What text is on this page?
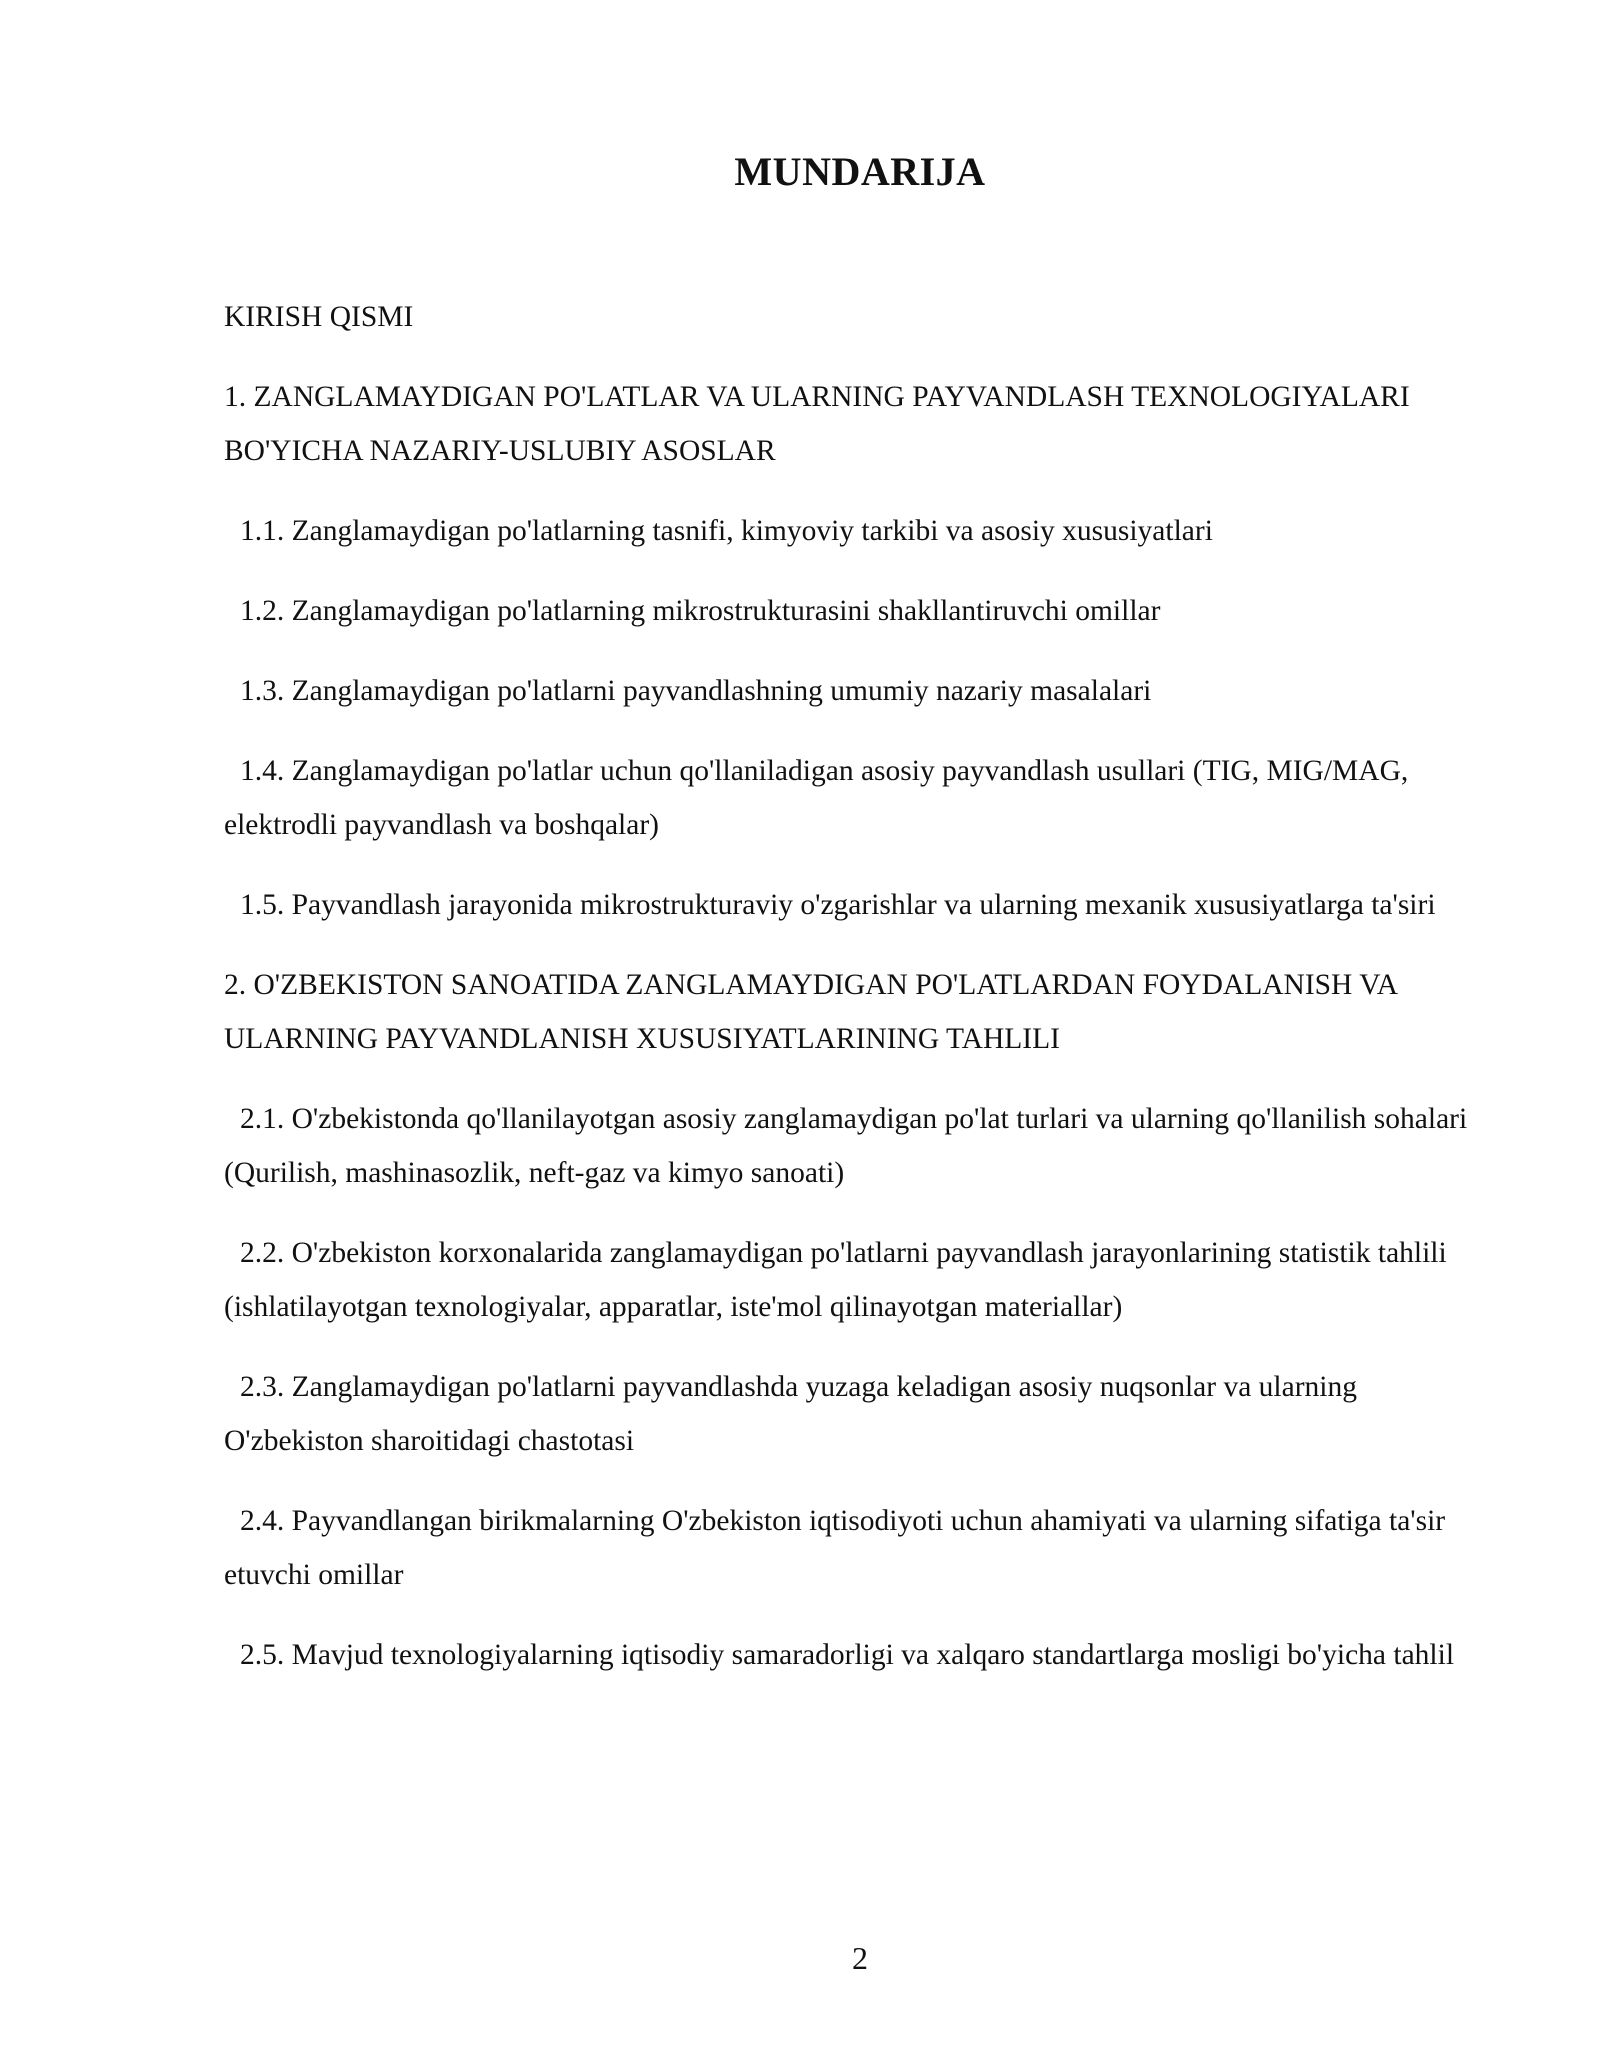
MUNDARIJA
KIRISH QISMI
1. ZANGLAMAYDIGAN PO'LATLAR VA ULARNING PAYVANDLASH TEXNOLOGIYALARI BO'YICHA NAZARIY-USLUBIY ASOSLAR
1.1. Zanglamaydigan po'latlarning tasnifi, kimyoviy tarkibi va asosiy xususiyatlari
1.2. Zanglamaydigan po'latlarning mikrostrukturasini shakllantiruvchi omillar
1.3. Zanglamaydigan po'latlarni payvandlashning umumiy nazariy masalalari
1.4. Zanglamaydigan po'latlar uchun qo'llaniladigan asosiy payvandlash usullari (TIG, MIG/MAG, elektrodli payvandlash va boshqalar)
1.5. Payvandlash jarayonida mikrostrukturaviy o'zgarishlar va ularning mexanik xususiyatlarga ta'siri
2. O'ZBEKISTON SANOATIDA ZANGLAMAYDIGAN PO'LATLARDAN FOYDALANISH VA ULARNING PAYVANDLANISH XUSUSIYATLARINING TAHLILI
2.1. O'zbekistonda qo'llanilayotgan asosiy zanglamaydigan po'lat turlari va ularning qo'llanilish sohalari (Qurilish, mashinasozlik, neft-gaz va kimyo sanoati)
2.2. O'zbekiston korxonalarida zanglamaydigan po'latlarni payvandlash jarayonlarining statistik tahlili (ishlatilayotgan texnologiyalar, apparatlar, iste'mol qilinayotgan materiallar)
2.3. Zanglamaydigan po'latlarni payvandlashda yuzaga keladigan asosiy nuqsonlar va ularning O'zbekiston sharoitidagi chastotasi
2.4. Payvandlangan birikmalarning O'zbekiston iqtisodiyoti uchun ahamiyati va ularning sifatiga ta'sir etuvchi omillar
2.5. Mavjud texnologiyalarning iqtisodiy samaradorligi va xalqaro standartlarga mosligi bo'yicha tahlil
2
